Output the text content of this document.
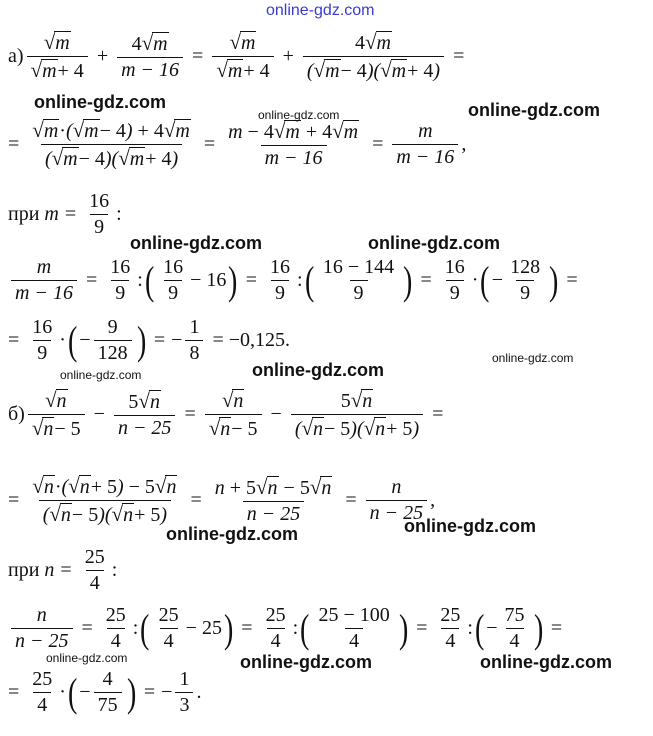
online-gdz.com
online-gdz.com
online-gdz.com	online-gdz.com
online-gdz.com	online-gdz.com
online-gdz.com
online-gdz.com
online-gdz.com
online-gdz.com
online-gdz.com
online-gdz.com	online-gdz.com	online-gdz.com
$а) \frac{√ m}{√ m + 4} + \frac{4 √ m}{m - 16} = \frac{√ m}{√ m + 4} + \frac{4 √ m}{( √ m - 4)( √ m + 4)}$ =
= $\frac{√ m \cdot( √ m - 4) + 4 √ m}{( √ m - 4)( √ m + 4)} = \frac{m - 4 √ m + 4 √ m}{m - 16} = \frac{m}{m - 16}$ ,
при
$m = \frac{16}{9}$ :
$\frac{m}{m - 16} = \frac{16}{9}$ : ( $\frac{16}{9} - 16$ ) = $\frac{16}{9}$ : ( $\frac{16 - 144}{9}$ ) = $\frac{16}{9}$ · ( − $\frac{128}{9}$ ) =
= $\frac{16}{9}$ · ( − $\frac{9}{128}$ ) = − $\frac{1}{8} = -0,125$.
$б) \frac{√ n}{√ n - 5} - \frac{5 √ n}{n - 25} = \frac{√ n}{√ n - 5} - \frac{5 √ n}{( √ n - 5)( √ n + 5)}$ =
= $\frac{√ n \cdot( √ n + 5) - 5 √ n}{( √ n - 5)( √ n + 5)} = \frac{n + 5 √ n - 5 √ n}{n - 25} = \frac{n}{n - 25}$ ,
при
$n = \frac{25}{4}$ :
$\frac{n}{n - 25} = \frac{25}{4}$ : ( $\frac{25}{4} - 25$ ) = $\frac{25}{4}$ : ( $\frac{25 - 100}{4}$ ) = $\frac{25}{4}$ : ( − $\frac{75}{4}$ ) =
= $\frac{25}{4}$ · ( − $\frac{4}{75}$ ) = − $\frac{1}{3}$ .
